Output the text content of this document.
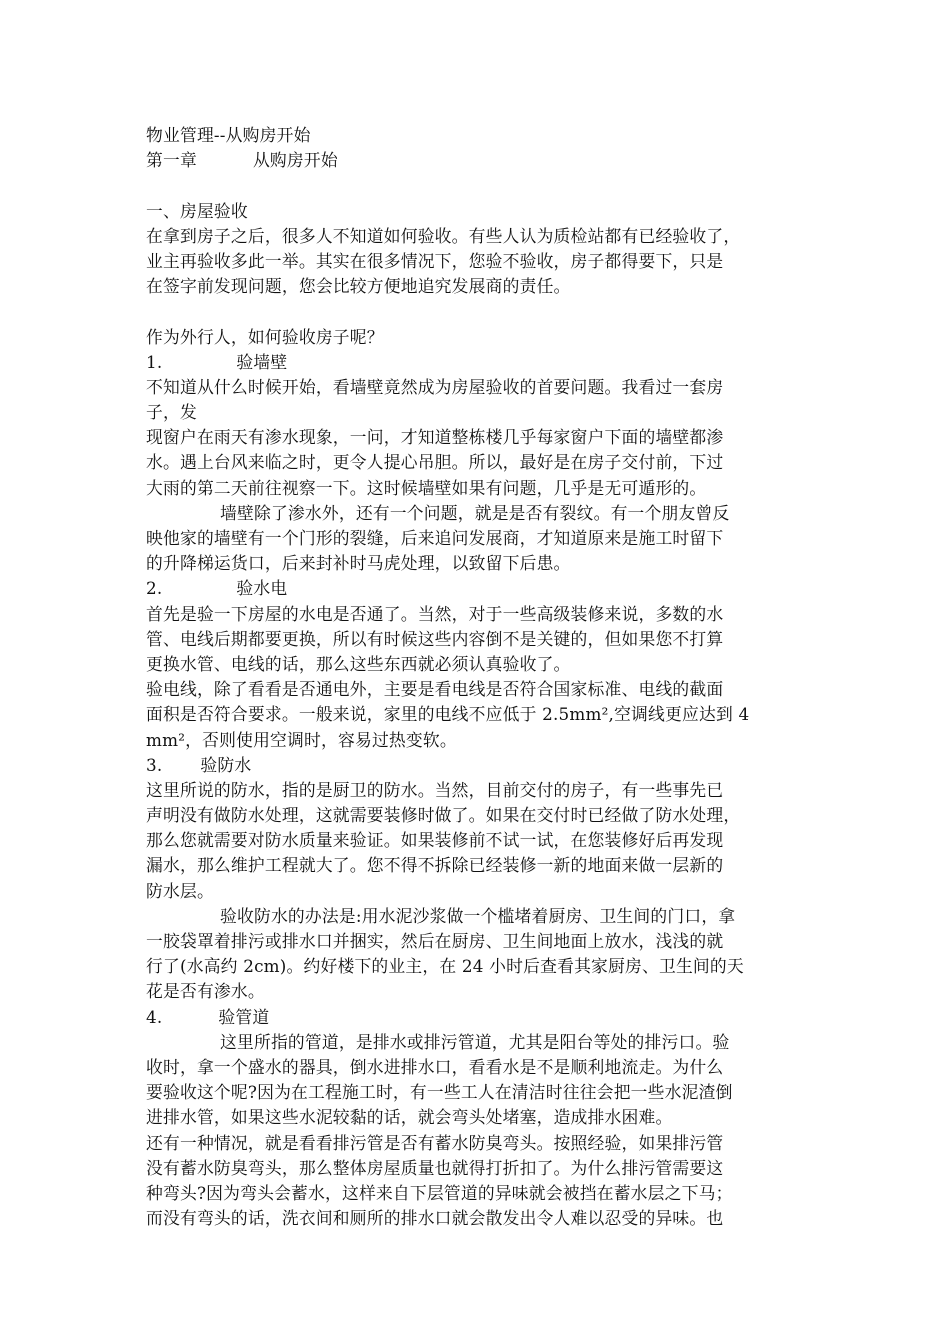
物业管理--从购房开始
第一章	从购房开始
一、房屋验收
在拿到房子之后，很多人不知道如何验收。有些人认为质检站都有已经验收了，
业主再验收多此一举。其实在很多情况下，您验不验收，房子都得要下，只是
在签字前发现问题，您会比较方便地追究发展商的责任。
作为外行人，如何验收房子呢？
1.	验墙壁
不知道从什么时候开始，看墙壁竟然成为房屋验收的首要问题。我看过一套房
子，发
现窗户在雨天有渗水现象，一问，才知道整栋楼几乎每家窗户下面的墙壁都渗
水。遇上台风来临之时，更令人提心吊胆。所以，最好是在房子交付前，下过
大雨的第二天前往视察一下。这时候墙壁如果有问题，几乎是无可遁形的。
墙壁除了渗水外，还有一个问题，就是是否有裂纹。有一个朋友曾反
映他家的墙壁有一个门形的裂缝，后来追问发展商，才知道原来是施工时留下
的升降梯运货口，后来封补时马虎处理，以致留下后患。
2.	验水电
首先是验一下房屋的水电是否通了。当然，对于一些高级装修来说，多数的水
管、电线后期都要更换，所以有时候这些内容倒不是关键的，但如果您不打算
更换水管、电线的话，那么这些东西就必须认真验收了。
验电线，除了看看是否通电外，主要是看电线是否符合国家标准、电线的截面
面积是否符合要求。一般来说，家里的电线不应低于 2.5mm²,空调线更应达到 4
mm²，否则使用空调时，容易过热变软。
3. 验防水
这里所说的防水，指的是厨卫的防水。当然，目前交付的房子，有一些事先已
声明没有做防水处理，这就需要装修时做了。如果在交付时已经做了防水处理，
那么您就需要对防水质量来验证。如果装修前不试一试，在您装修好后再发现
漏水，那么维护工程就大了。您不得不拆除已经装修一新的地面来做一层新的
防水层。
验收防水的办法是:用水泥沙浆做一个槛堵着厨房、卫生间的门口，拿
一胶袋罩着排污或排水口并捆实，然后在厨房、卫生间地面上放水，浅浅的就
行了(水高约 2cm)。约好楼下的业主，在 24 小时后查看其家厨房、卫生间的天
花是否有渗水。
4.	验管道
这里所指的管道，是排水或排污管道，尤其是阳台等处的排污口。验
收时，拿一个盛水的器具，倒水进排水口，看看水是不是顺利地流走。为什么
要验收这个呢?因为在工程施工时，有一些工人在清洁时往往会把一些水泥渣倒
进排水管，如果这些水泥较黏的话，就会弯头处堵塞，造成排水困难。
还有一种情况，就是看看排污管是否有蓄水防臭弯头。按照经验，如果排污管
没有蓄水防臭弯头，那么整体房屋质量也就得打折扣了。为什么排污管需要这
种弯头?因为弯头会蓄水，这样来自下层管道的异味就会被挡在蓄水层之下马；
而没有弯头的话，洗衣间和厕所的排水口就会散发出令人难以忍受的异味。也
